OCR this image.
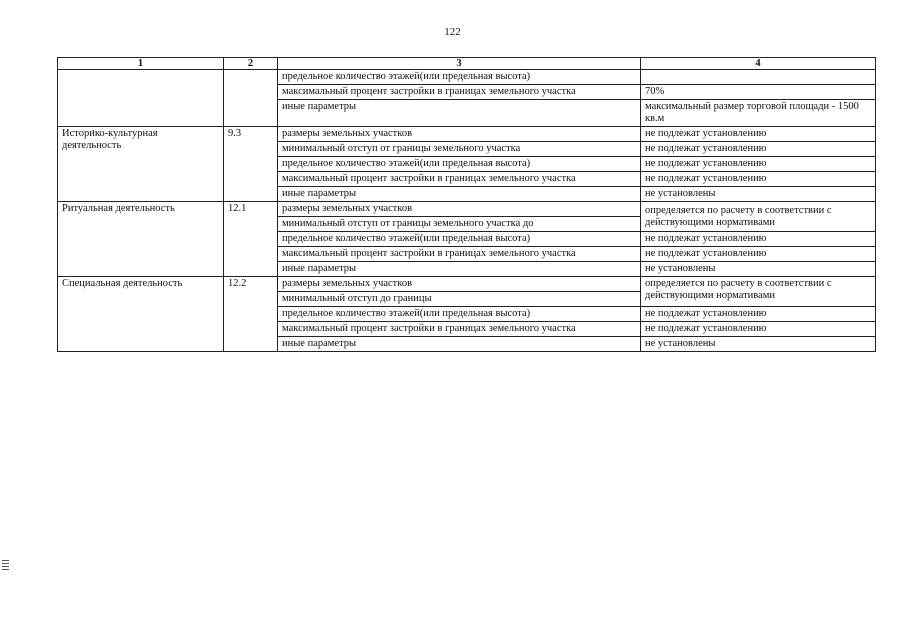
122
1	2	3	4
		предельное количество этажей(или предельная высота)	
		максимальный процент застройки в границах земельного участка	70%
		иные параметры	максимальный размер торговой площади - 1500 кв.м
Историко-культурная деятельность	9.3	размеры земельных участков	не подлежат установлению
		минимальный отступ от границы земельного участка	не подлежат установлению
		предельное количество этажей(или предельная высота)	не подлежат установлению
		максимальный процент застройки в границах земельного участка	не подлежат установлению
		иные параметры	не установлены
Ритуальная деятельность	12.1	размеры земельных участков	определяется по расчету в соответствии с действующими нормативами
		минимальный отступ от границы земельного участка до	
		предельное количество этажей(или предельная высота)	не подлежат установлению
		максимальный процент застройки в границах земельного участка	не подлежат установлению
		иные параметры	не установлены
Специальная деятельность	12.2	размеры земельных участков	определяется по расчету в соответствии с действующими нормативами
		минимальный отступ до границы	
		предельное количество этажей(или предельная высота)	не подлежат установлению
		максимальный процент застройки в границах земельного участка	не подлежат установлению
		иные параметры	не установлены
